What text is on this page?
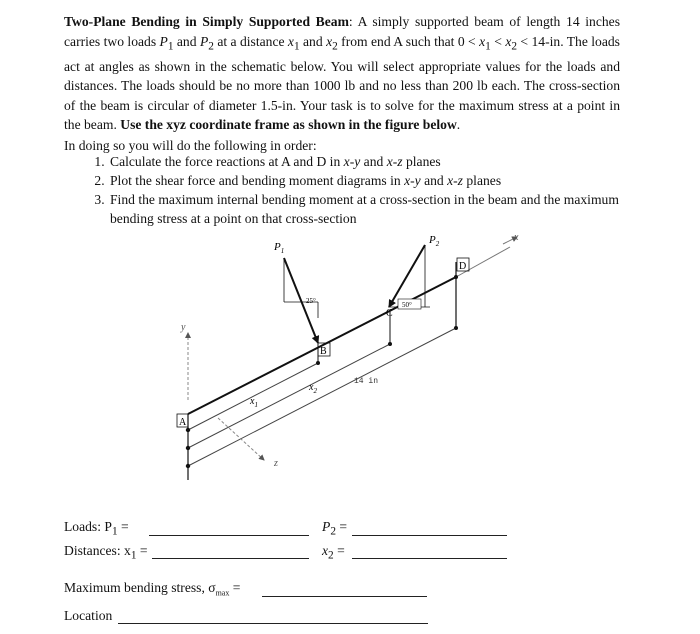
Two-Plane Bending in Simply Supported Beam: A simply supported beam of length 14 inches carries two loads $P_1$ and $P_2$ at a distance $x_1$ and $x_2$ from end A such that $0 < x_1 < x_2 < 14-in$. The loads act at angles as shown in the schematic below. You will select appropriate values for the loads and distances. The loads should be no more than 1000 lb and no less than 200 lb each. The cross-section of the beam is circular of diameter 1.5-in. Your task is to solve for the maximum stress at a point in the beam. Use the xyz coordinate frame as shown in the figure below.
In doing so you will do the following in order:
1. Calculate the force reactions at A and D in x-y and x-z planes
2. Plot the shear force and bending moment diagrams in x-y and x-z planes
3. Find the maximum internal bending moment at a cross-section in the beam and the maximum bending stress at a point on that cross-section
y
z
x
$x_1$
$x_2$
A
B
$P_1$
25°
C
$P_2$
50°
D
14 in
Loads: $P_1$ =	$P_2$ =
Distances: $x_1$ =	$x_2$ =
Maximum bending stress, $\sigma_{max}$ =
Location
